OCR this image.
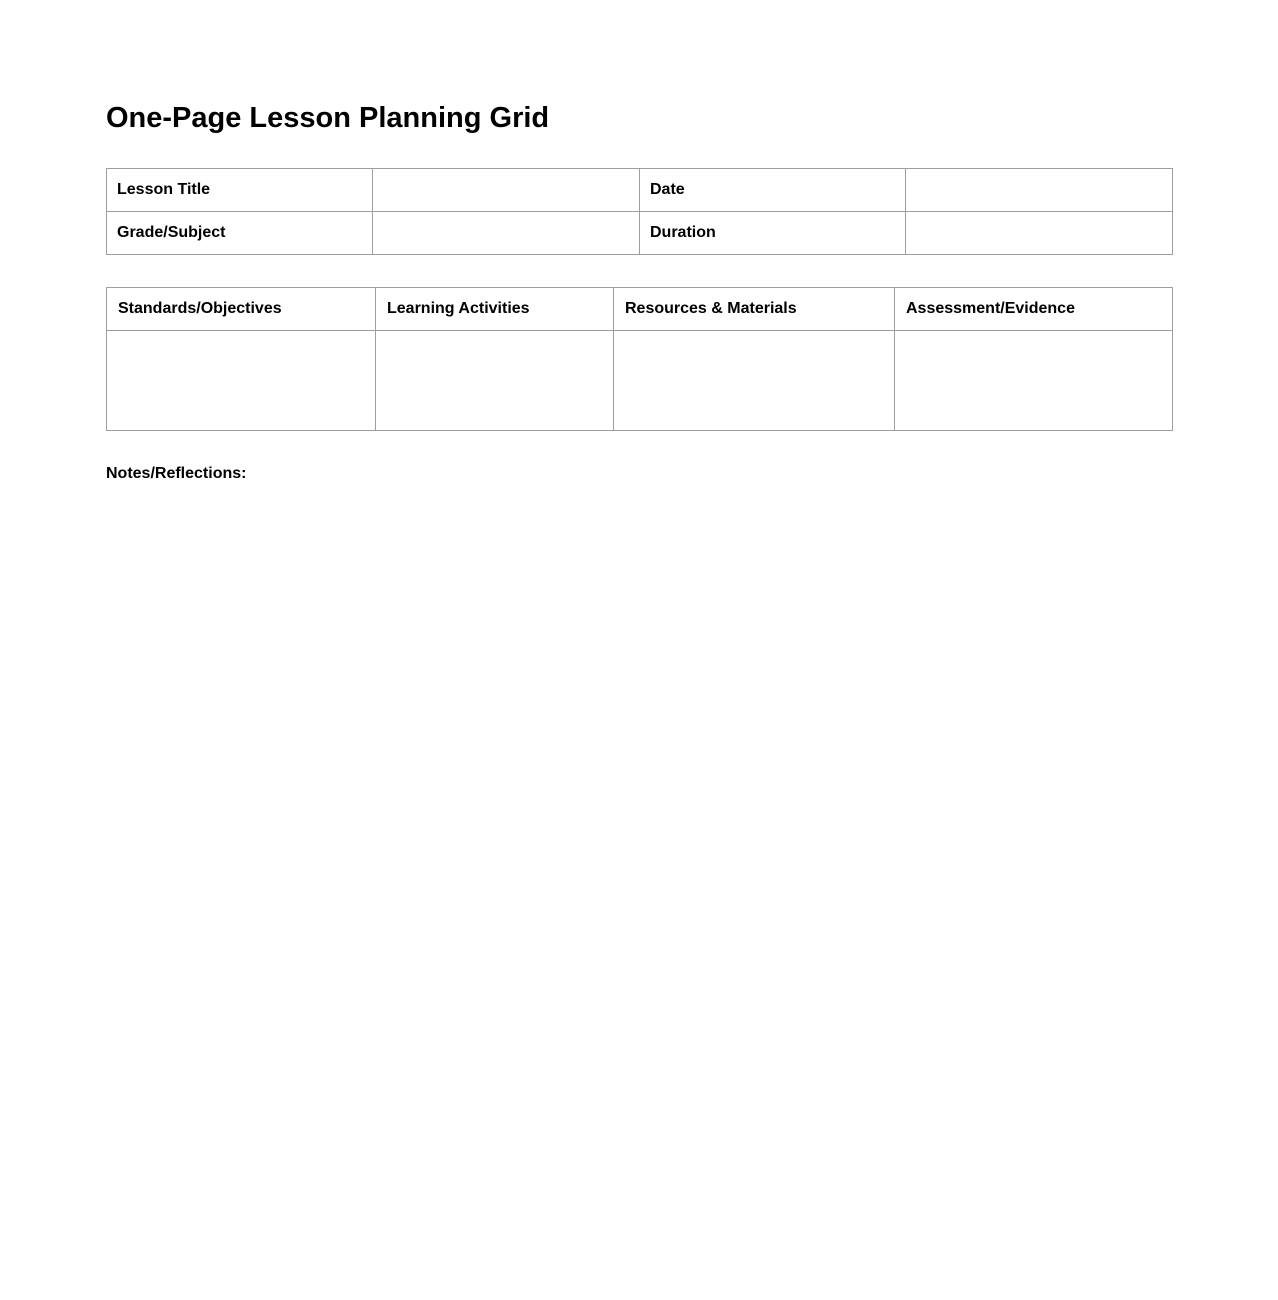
One-Page Lesson Planning Grid
Lesson Title		Date	
Grade/Subject		Duration	
Standards/Objectives	Learning Activities	Resources & Materials	Assessment/Evidence

Notes/Reflections:
